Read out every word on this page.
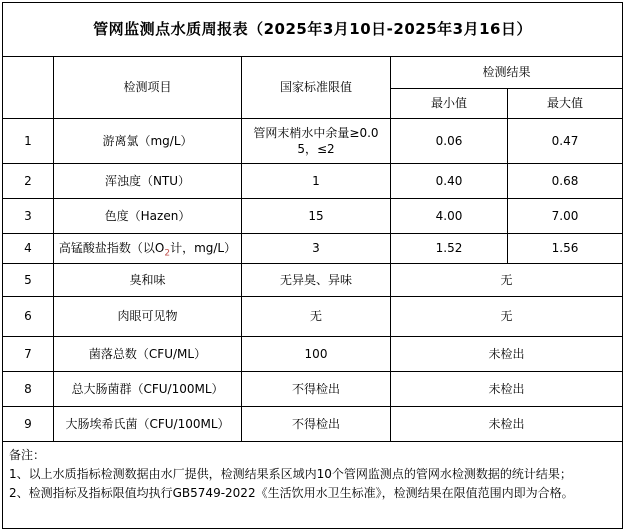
管网监测点水质周报表（2025年3月10日-2025年3月16日）				
	检测项目	国家标准限值	检测结果	
			最小值	最大值
1	游离氯（mg/L）	管网末梢水中余量≥0.05，≤2	0.06	0.47
2	浑浊度（NTU）	1	0.40	0.68
3	色度（Hazen）	15	4.00	7.00
4	高锰酸盐指数（以$O_2$计，mg/L）	3	1.52	1.56
5	臭和味	无异臭、异味	无	
6	肉眼可见物	无	无	
7	菌落总数（CFU/ML）	100	未检出	
8	总大肠菌群（CFU/100ML）	不得检出	未检出	
9	大肠埃希氏菌（CFU/100ML）	不得检出	未检出	

备注：
1、以上水质指标检测数据由水厂提供，检测结果系区域内10个管网监测点的管网水检测数据的统计结果；
2、检测指标及指标限值均执行GB5749-2022《生活饮用水卫生标准》，检测结果在限值范围内即为合格。				
